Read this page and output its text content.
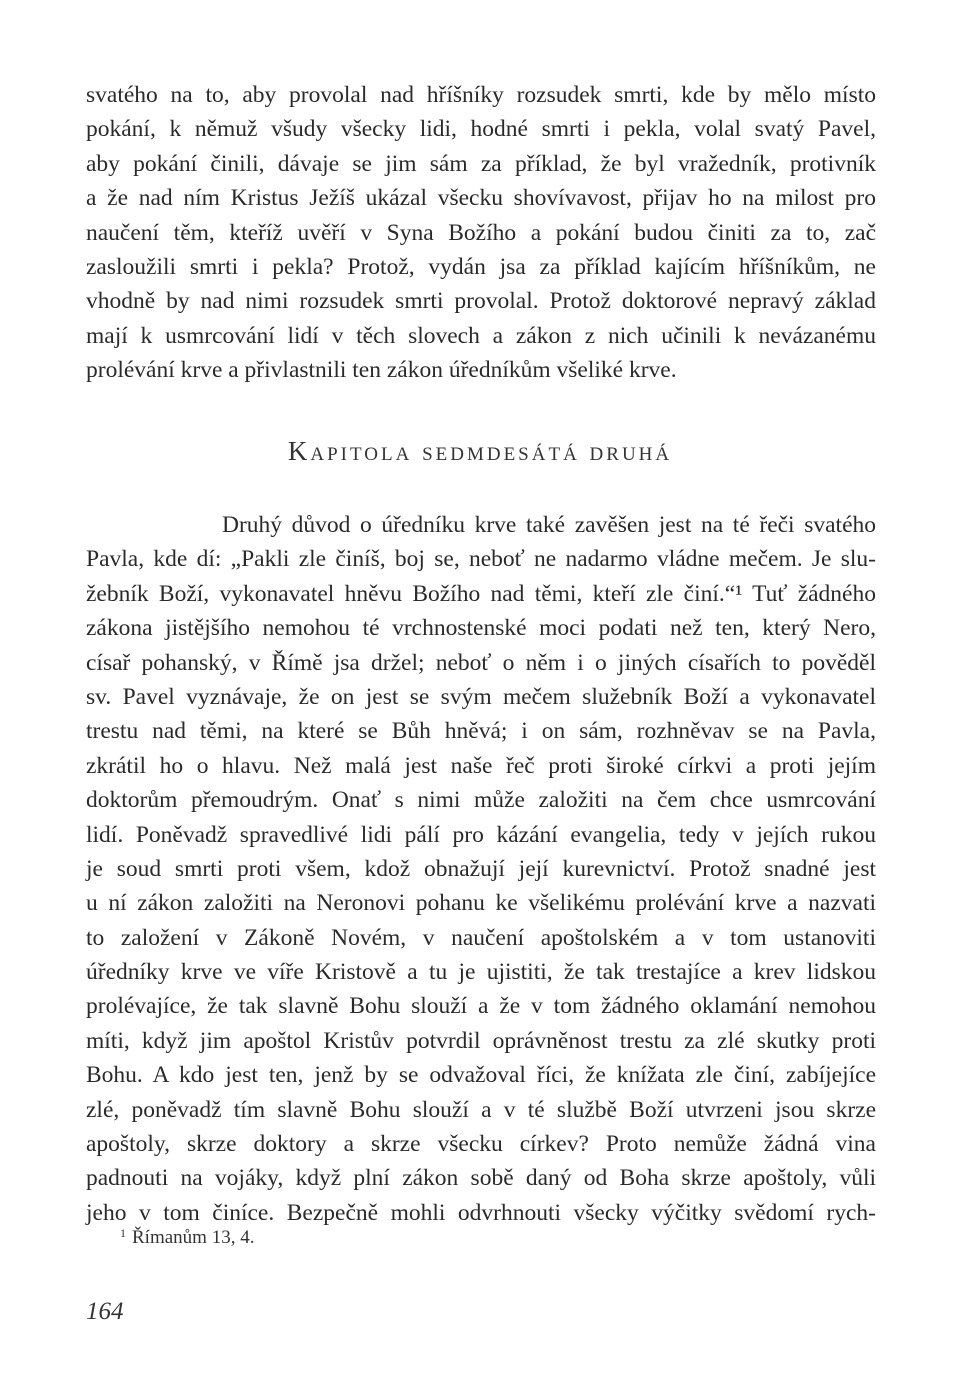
svatého na to, aby provolal nad hříšníky rozsudek smrti, kde by mělo místo
pokání, k němuž všudy všecky lidi, hodné smrti i pekla, volal svatý Pavel,
aby pokání činili, dávaje se jim sám za příklad, že byl vražedník, protivník
a že nad ním Kristus Ježíš ukázal všecku shovívavost, přijav ho na milost pro
naučení těm, kteříž uvěří v Syna Božího a pokání budou činiti za to, zač
zasloužili smrti i pekla? Protož, vydán jsa za příklad kajícím hříšníkům, ne
vhodně by nad nimi rozsudek smrti provolal. Protož doktorové nepravý základ
mají k usmrcování lidí v těch slovech a zákon z nich učinili k nevázanému
prolévání krve a přivlastnili ten zákon úředníkům všeliké krve.
Kapitola sedmdesátá druhá
Druhý důvod o úředníku krve také zavěšen jest na té řeči svatého
Pavla, kde dí: „Pakli zle činíš, boj se, neboť ne nadarmo vládne mečem. Je slu-
žebník Boží, vykonavatel hněvu Božího nad těmi, kteří zle činí.“¹ Tuť žádného
zákona jistějšího nemohou té vrchnostenské moci podati než ten, který Nero,
císař pohanský, v Římě jsa držel; neboť o něm i o jiných císařích to pověděl
sv. Pavel vyznávaje, že on jest se svým mečem služebník Boží a vykonavatel
trestu nad těmi, na které se Bůh hněvá; i on sám, rozhněvav se na Pavla,
zkrátil ho o hlavu. Než malá jest naše řeč proti široké církvi a proti jejím
doktorům přemoudrým. Onať s nimi může založiti na čem chce usmrcování
lidí. Poněvadž spravedlivé lidi pálí pro kázání evangelia, tedy v jejích rukou
je soud smrti proti všem, kdož obnažují její kurevnictví. Protož snadné jest
u ní zákon založiti na Neronovi pohanu ke všelikému prolévání krve a nazvati
to založení v Zákoně Novém, v naučení apoštolském a v tom ustanoviti
úředníky krve ve víře Kristově a tu je ujistiti, že tak trestajíce a krev lidskou
prolévajíce, že tak slavně Bohu slouží a že v tom žádného oklamání nemohou
míti, když jim apoštol Kristův potvrdil oprávněnost trestu za zlé skutky proti
Bohu. A kdo jest ten, jenž by se odvažoval říci, že knížata zle činí, zabíjejíce
zlé, poněvadž tím slavně Bohu slouží a v té službě Boží utvrzeni jsou skrze
apoštoly, skrze doktory a skrze všecku církev? Proto nemůže žádná vina
padnouti na vojáky, když plní zákon sobě daný od Boha skrze apoštoly, vůli
jeho v tom činíce. Bezpečně mohli odvrhnouti všecky výčitky svědomí rych-
$^1$ Římanům 13, 4.
164
